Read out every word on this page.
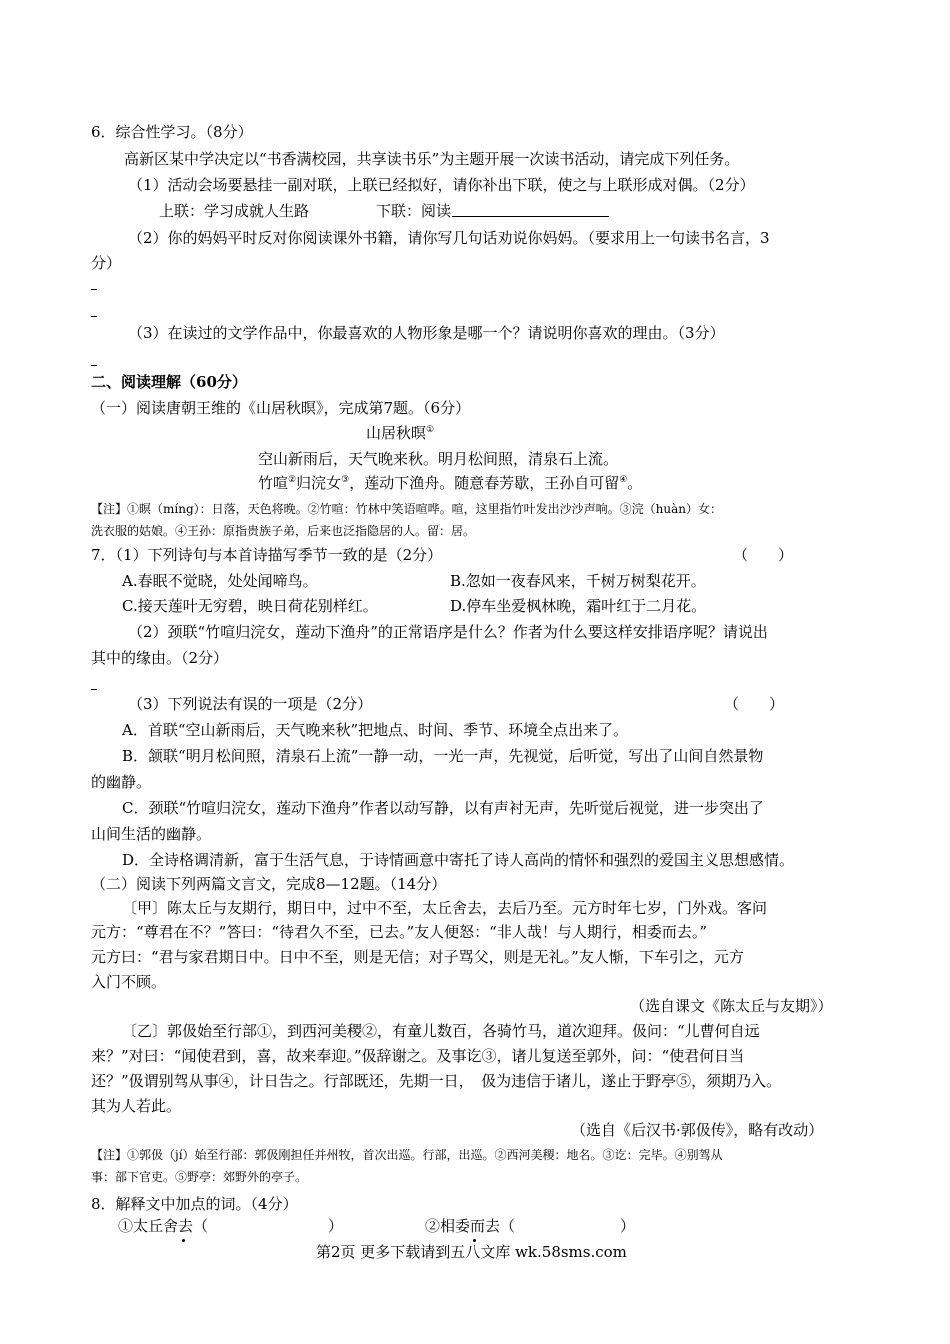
6．综合性学习。（8分）
高新区某中学决定以“书香满校园，共享读书乐”为主题开展一次读书活动，请完成下列任务。
（1）活动会场要悬挂一副对联，上联已经拟好，请你补出下联，使之与上联形成对偶。（2分）
上联：学习成就人生路	下联：阅读
（2）你的妈妈平时反对你阅读课外书籍，请你写几句话劝说你妈妈。（要求用上一句读书名言，3
分）
（3）在读过的文学作品中，你最喜欢的人物形象是哪一个？请说明你喜欢的理由。（3分）
二、阅读理解（60分）
（一）阅读唐朝王维的《山居秋暝》，完成第7题。（6分）
山居秋暝①
空山新雨后，天气晚来秋。明月松间照，清泉石上流。
竹喧②归浣女③，莲动下渔舟。随意春芳歇，王孙自可留④。
【注】①暝（míng）：日落，天色将晚。②竹喧：竹林中笑语喧哗。喧，这里指竹叶发出沙沙声响。③浣（huàn）女：
洗衣服的姑娘。④王孙：原指贵族子弟，后来也泛指隐居的人。留：居。
7．（1）下列诗句与本首诗描写季节一致的是（2分）	（　　）
A.春眠不觉晓，处处闻啼鸟。	B.忽如一夜春风来，千树万树梨花开。
C.接天莲叶无穷碧，映日荷花别样红。	D.停车坐爱枫林晚，霜叶红于二月花。
（2）颈联“竹喧归浣女，莲动下渔舟”的正常语序是什么？作者为什么要这样安排语序呢？请说出
其中的缘由。（2分）
（3）下列说法有误的一项是（2分）	（　　）
A．首联“空山新雨后，天气晚来秋”把地点、时间、季节、环境全点出来了。
B．颔联“明月松间照，清泉石上流”一静一动，一光一声，先视觉，后听觉，写出了山间自然景物
的幽静。
C．颈联“竹喧归浣女，莲动下渔舟”作者以动写静，以有声衬无声，先听觉后视觉，进一步突出了
山间生活的幽静。
D．全诗格调清新，富于生活气息，于诗情画意中寄托了诗人高尚的情怀和强烈的爱国主义思想感情。
（二）阅读下列两篇文言文，完成8—12题。（14分）
〔甲〕陈太丘与友期行，期日中，过中不至，太丘舍去，去后乃至。元方时年七岁，门外戏。客问
元方：“尊君在不？”答曰：“待君久不至，已去。”友人便怒：“非人哉！与人期行，相委而去。”
元方曰：“君与家君期日中。日中不至，则是无信；对子骂父，则是无礼。”友人惭，下车引之，元方
入门不顾。
（选自课文《陈太丘与友期》）
〔乙〕郭伋始至行部①，到西河美稷②，有童儿数百，各骑竹马，道次迎拜。伋问：“儿曹何自远
来？”对曰：“闻使君到，喜，故来奉迎。”伋辞谢之。及事讫③，诸儿复送至郭外，问：“使君何日当
还？”伋谓别驾从事④，计日告之。行部既还，先期一日，　伋为违信于诸儿，遂止于野亭⑤，须期乃入。
其为人若此。
（选自《后汉书·郭伋传》，略有改动）
【注】①郭伋（jí）始至行部：郭伋刚担任并州牧，首次出巡。行部，出巡。②西河美稷：地名。③讫：完毕。④别驾从
事：部下官吏。⑤野亭：郊野外的亭子。
8．解释文中加点的词。（4分）
①太丘舍去（　　　　　　　　）	②相委而去（　　　　　　　）
第2页 更多下载请到五八文库 wk.58sms.com
